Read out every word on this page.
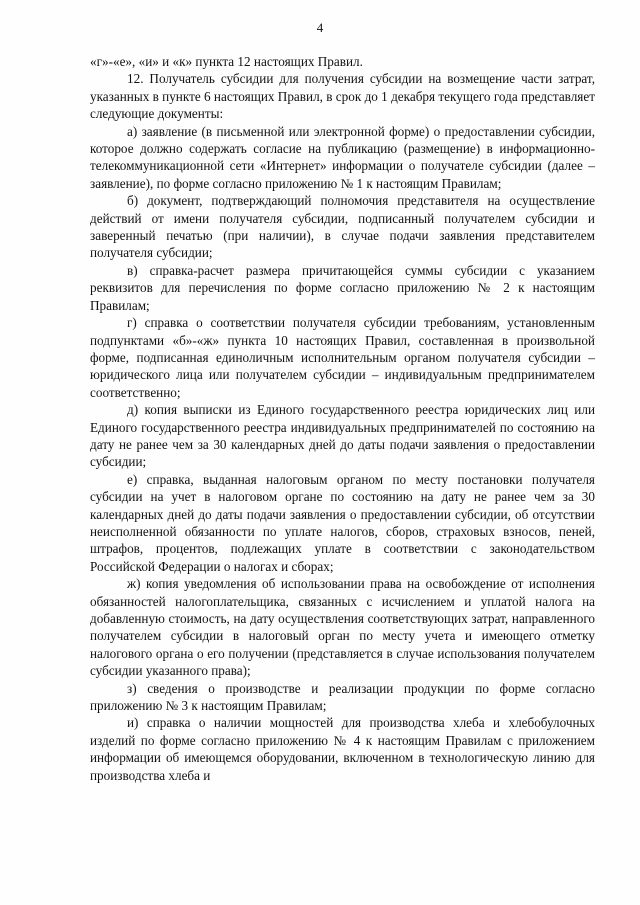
4

«г»-«е», «и» и «к» пункта 12 настоящих Правил.

12. Получатель субсидии для получения субсидии на возмещение части затрат, указанных в пункте 6 настоящих Правил, в срок до 1 декабря текущего года представляет следующие документы:

а) заявление (в письменной или электронной форме) о предоставлении субсидии, которое должно содержать согласие на публикацию (размещение) в информационно-телекоммуникационной сети «Интернет» информации о получателе субсидии (далее – заявление), по форме согласно приложению № 1 к настоящим Правилам;

б) документ, подтверждающий полномочия представителя на осуществление действий от имени получателя субсидии, подписанный получателем субсидии и заверенный печатью (при наличии), в случае подачи заявления представителем получателя субсидии;

в) справка-расчет размера причитающейся суммы субсидии с указанием реквизитов для перечисления по форме согласно приложению № 2 к настоящим Правилам;

г) справка о соответствии получателя субсидии требованиям, установленным подпунктами «б»-«ж» пункта 10 настоящих Правил, составленная в произвольной форме, подписанная единоличным исполнительным органом получателя субсидии – юридического лица или получателем субсидии – индивидуальным предпринимателем соответственно;

д) копия выписки из Единого государственного реестра юридических лиц или Единого государственного реестра индивидуальных предпринимателей по состоянию на дату не ранее чем за 30 календарных дней до даты подачи заявления о предоставлении субсидии;

е) справка, выданная налоговым органом по месту постановки получателя субсидии на учет в налоговом органе по состоянию на дату не ранее чем за 30 календарных дней до даты подачи заявления о предоставлении субсидии, об отсутствии неисполненной обязанности по уплате налогов, сборов, страховых взносов, пеней, штрафов, процентов, подлежащих уплате в соответствии с законодательством Российской Федерации о налогах и сборах;

ж) копия уведомления об использовании права на освобождение от исполнения обязанностей налогоплательщика, связанных с исчислением и уплатой налога на добавленную стоимость, на дату осуществления соответствующих затрат, направленного получателем субсидии в налоговый орган по месту учета и имеющего отметку налогового органа о его получении (представляется в случае использования получателем субсидии указанного права);

з) сведения о производстве и реализации продукции по форме согласно приложению № 3 к настоящим Правилам;

и) справка о наличии мощностей для производства хлеба и хлебобулочных изделий по форме согласно приложению № 4 к настоящим Правилам с приложением информации об имеющемся оборудовании, включенном в технологическую линию для производства хлеба и
